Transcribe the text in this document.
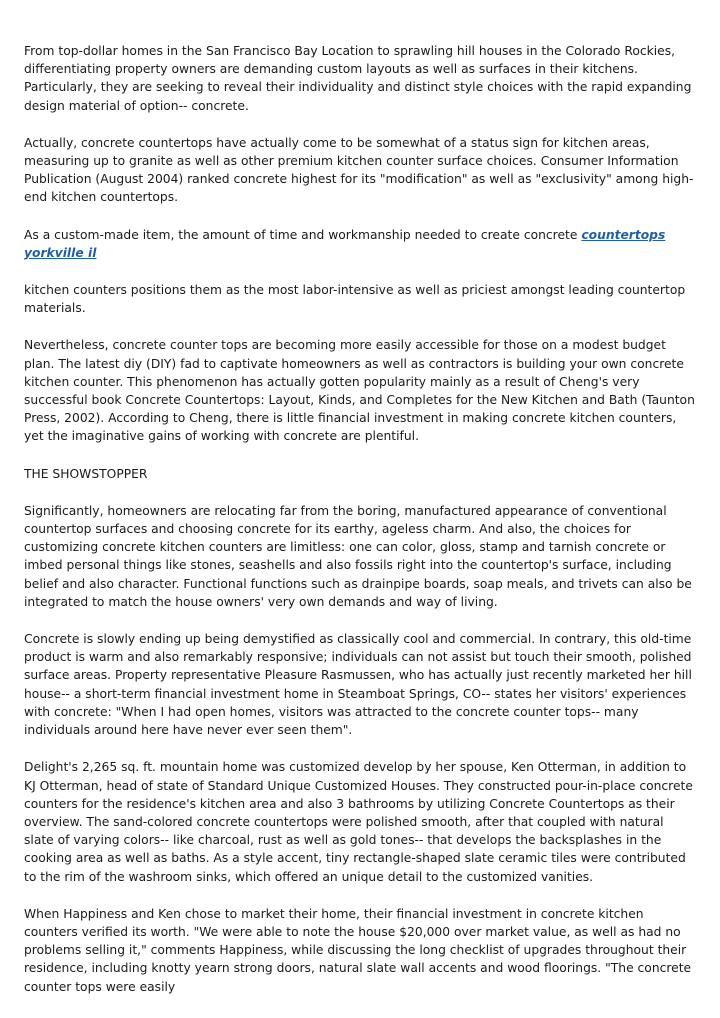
From top-dollar homes in the San Francisco Bay Location to sprawling hill houses in the Colorado Rockies, differentiating property owners are demanding custom layouts as well as surfaces in their kitchens. Particularly, they are seeking to reveal their individuality and distinct style choices with the rapid expanding design material of option-- concrete.

Actually, concrete countertops have actually come to be somewhat of a status sign for kitchen areas, measuring up to granite as well as other premium kitchen counter surface choices. Consumer Information Publication (August 2004) ranked concrete highest for its "modification" as well as "exclusivity" among high-end kitchen countertops.

As a custom-made item, the amount of time and workmanship needed to create concrete countertops yorkville il

kitchen counters positions them as the most labor-intensive as well as priciest amongst leading countertop materials.

Nevertheless, concrete counter tops are becoming more easily accessible for those on a modest budget plan. The latest diy (DIY) fad to captivate homeowners as well as contractors is building your own concrete kitchen counter. This phenomenon has actually gotten popularity mainly as a result of Cheng's very successful book Concrete Countertops: Layout, Kinds, and Completes for the New Kitchen and Bath (Taunton Press, 2002). According to Cheng, there is little financial investment in making concrete kitchen counters, yet the imaginative gains of working with concrete are plentiful.

THE SHOWSTOPPER

Significantly, homeowners are relocating far from the boring, manufactured appearance of conventional countertop surfaces and choosing concrete for its earthy, ageless charm. And also, the choices for customizing concrete kitchen counters are limitless: one can color, gloss, stamp and tarnish concrete or imbed personal things like stones, seashells and also fossils right into the countertop's surface, including belief and also character. Functional functions such as drainpipe boards, soap meals, and trivets can also be integrated to match the house owners' very own demands and way of living.

Concrete is slowly ending up being demystified as classically cool and commercial. In contrary, this old-time product is warm and also remarkably responsive; individuals can not assist but touch their smooth, polished surface areas. Property representative Pleasure Rasmussen, who has actually just recently marketed her hill house-- a short-term financial investment home in Steamboat Springs, CO-- states her visitors' experiences with concrete: "When I had open homes, visitors was attracted to the concrete counter tops-- many individuals around here have never ever seen them".

Delight's 2,265 sq. ft. mountain home was customized develop by her spouse, Ken Otterman, in addition to KJ Otterman, head of state of Standard Unique Customized Houses. They constructed pour-in-place concrete counters for the residence's kitchen area and also 3 bathrooms by utilizing Concrete Countertops as their overview. The sand-colored concrete countertops were polished smooth, after that coupled with natural slate of varying colors-- like charcoal, rust as well as gold tones-- that develops the backsplashes in the cooking area as well as baths. As a style accent, tiny rectangle-shaped slate ceramic tiles were contributed to the rim of the washroom sinks, which offered an unique detail to the customized vanities.

When Happiness and Ken chose to market their home, their financial investment in concrete kitchen counters verified its worth. "We were able to note the house $20,000 over market value, as well as had no problems selling it," comments Happiness, while discussing the long checklist of upgrades throughout their residence, including knotty yearn strong doors, natural slate wall accents and wood floorings. "The concrete counter tops were easily
